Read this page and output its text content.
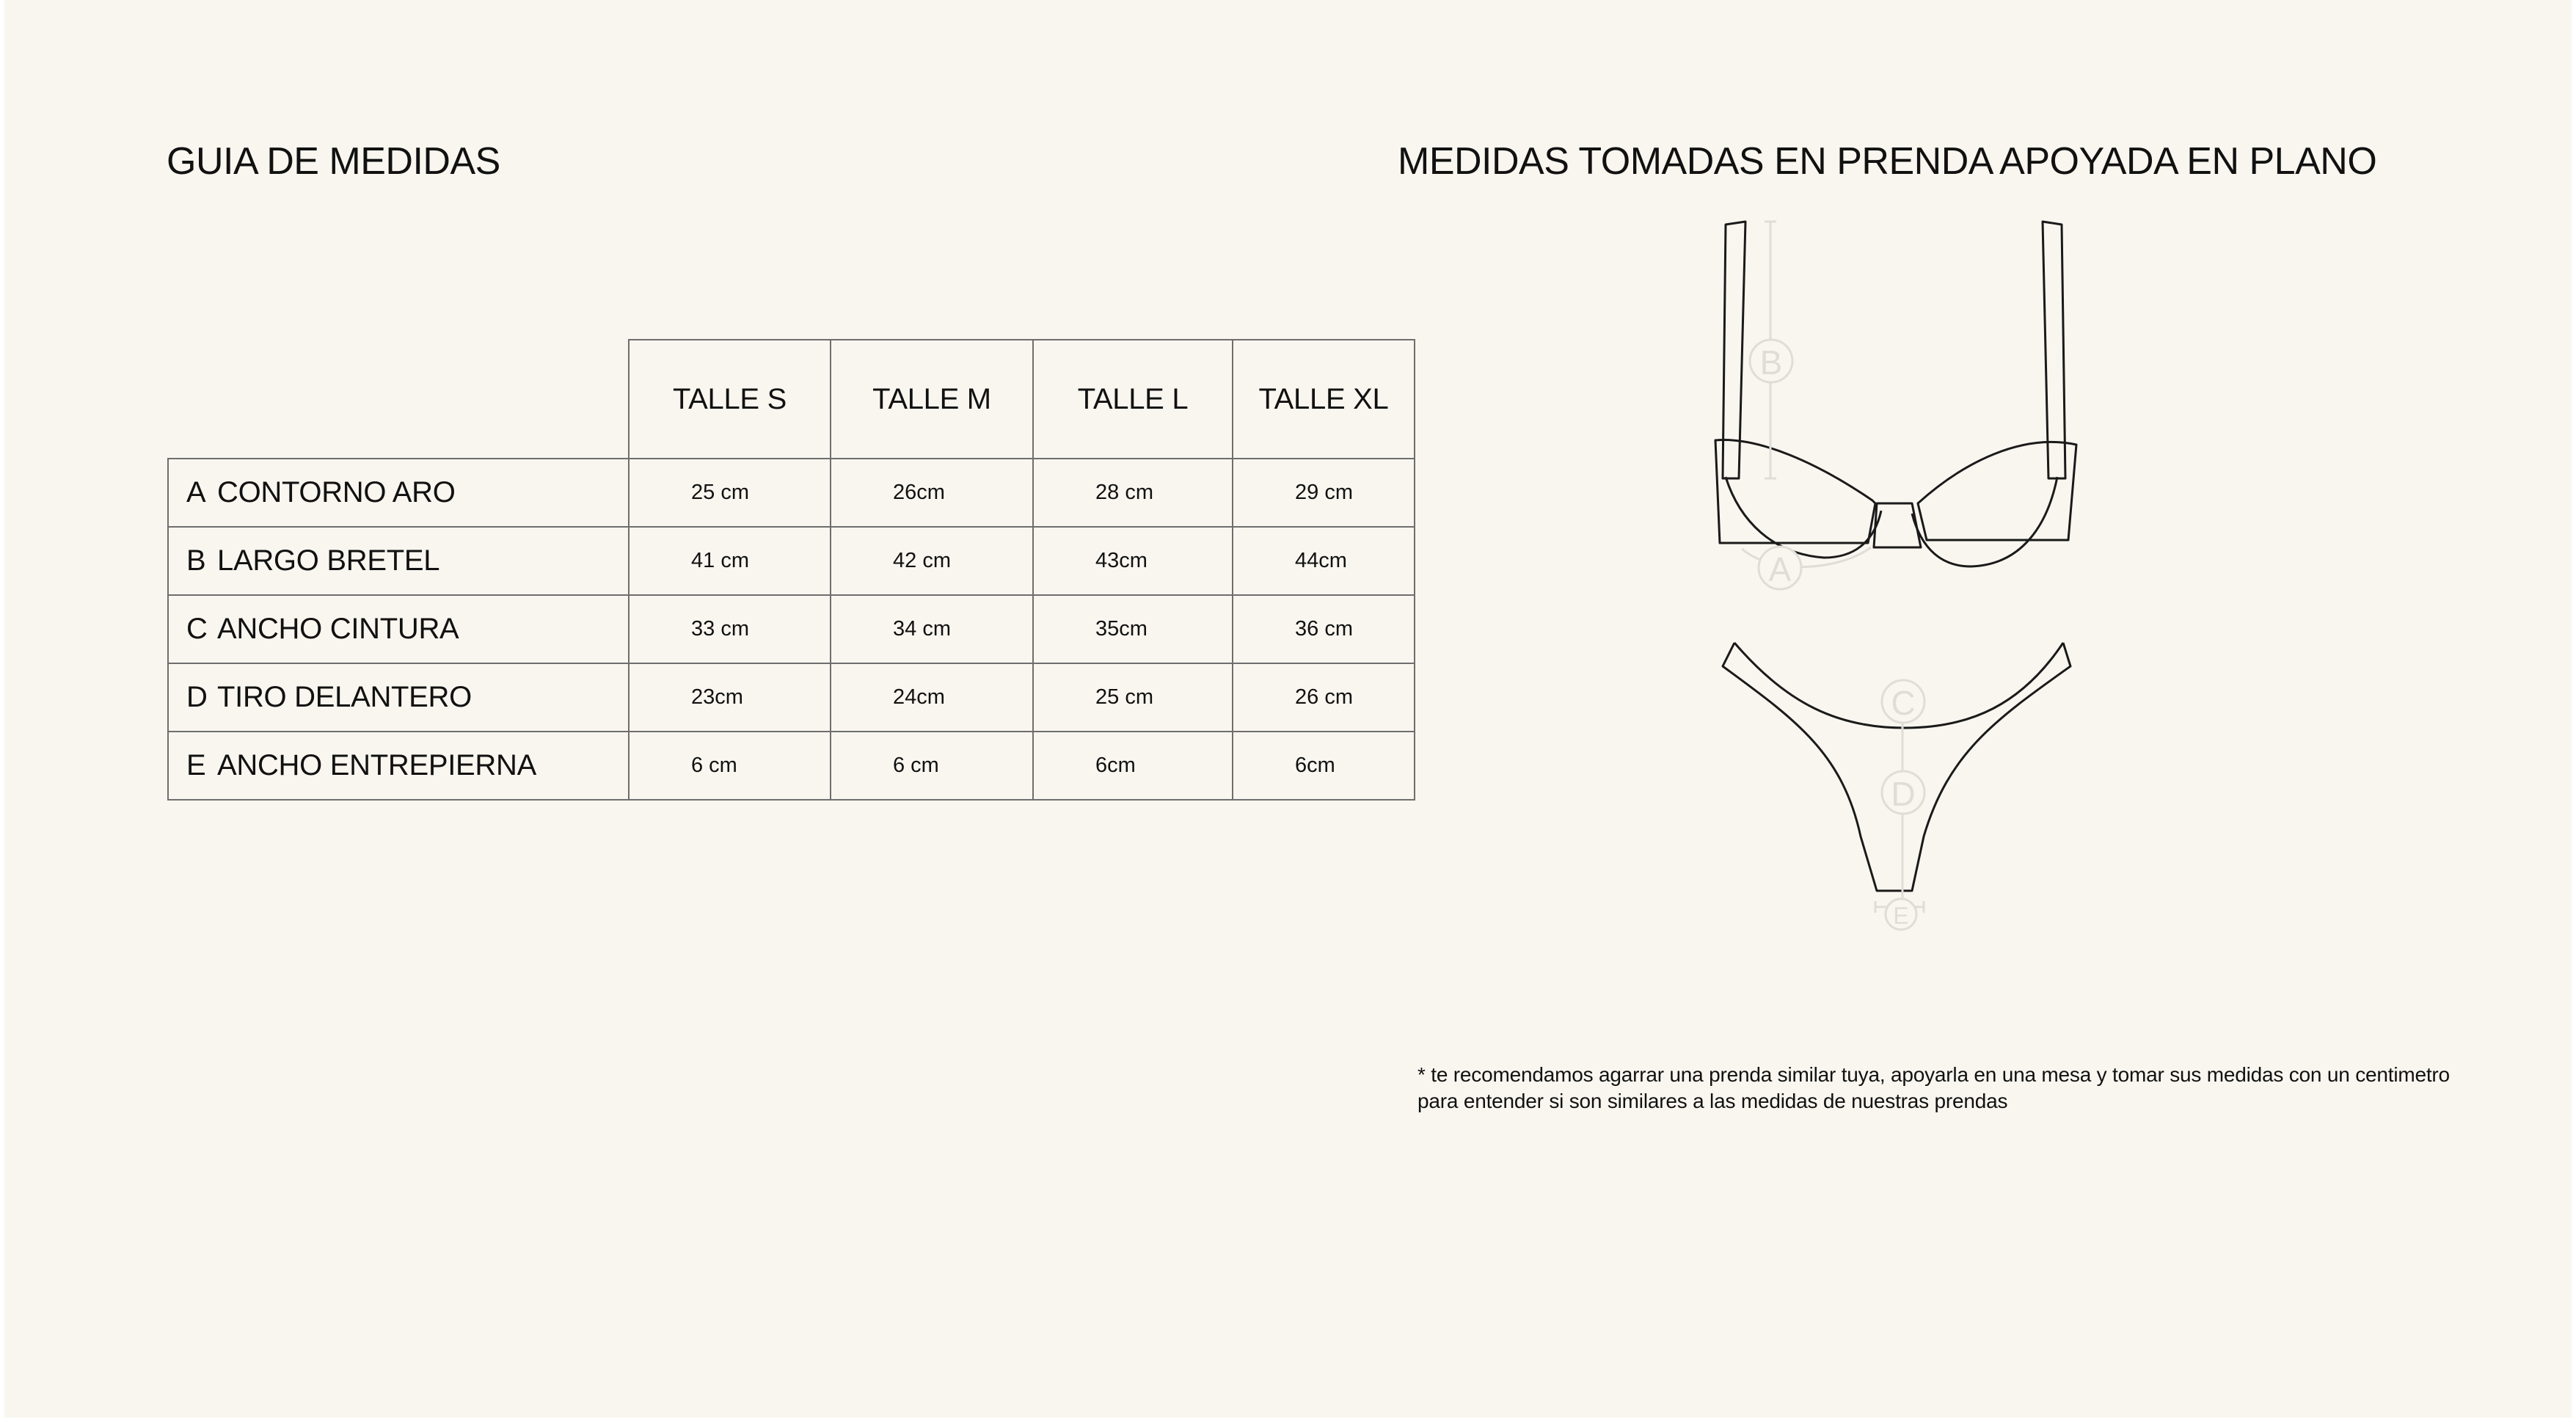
GUIA DE MEDIDAS	MEDIDAS TOMADAS EN PRENDA APOYADA EN PLANO
	TALLE S	TALLE M	TALLE L	TALLE XL
A CONTORNO ARO	25 cm	26cm	28 cm	29 cm
B LARGO BRETEL	41 cm	42 cm	43cm	44cm
C ANCHO CINTURA	33 cm	34 cm	35cm	36 cm
D TIRO DELANTERO	23cm	24cm	25 cm	26 cm
E ANCHO ENTREPIERNA	6 cm	6 cm	6cm	6cm
B
A
C
D
E
* te recomendamos agarrar una prenda similar tuya, apoyarla en una mesa y tomar sus medidas con un centimetro
para entender si son similares a las medidas de nuestras prendas
